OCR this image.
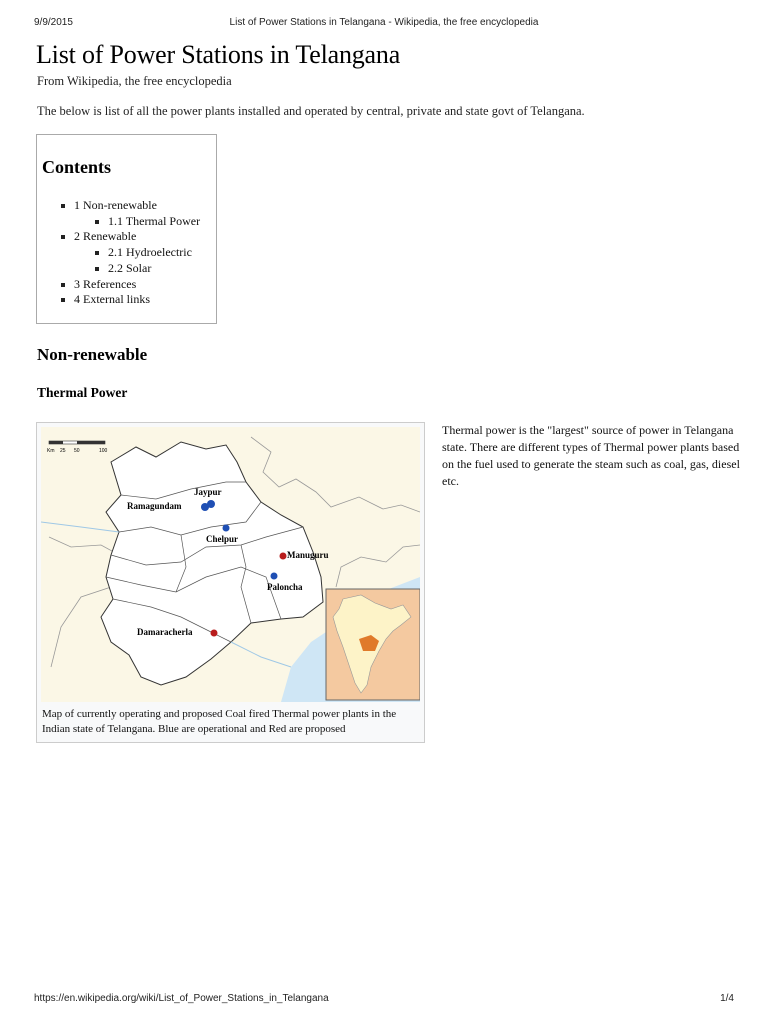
9/9/2015	List of Power Stations in Telangana - Wikipedia, the free encyclopedia
List of Power Stations in Telangana
From Wikipedia, the free encyclopedia
The below is list of all the power plants installed and operated by central, private and state govt of Telangana.
Contents
1 Non-renewable
1.1 Thermal Power
2 Renewable
2.1 Hydroelectric
2.2 Solar
3 References
4 External links
Non-renewable
Thermal Power
Km 25 50	100
Jaypur
Ramagundam
Chelpur
Manuguru
Paloncha
Damaracherla
Map of currently operating and proposed Coal fired Thermal power plants in the Indian state of Telangana. Blue are operational and Red are proposed
Thermal power is the "largest" source of power in Telangana state. There are different types of Thermal power plants based on the fuel used to generate the steam such as coal, gas, diesel etc.
https://en.wikipedia.org/wiki/List_of_Power_Stations_in_Telangana	1/4
